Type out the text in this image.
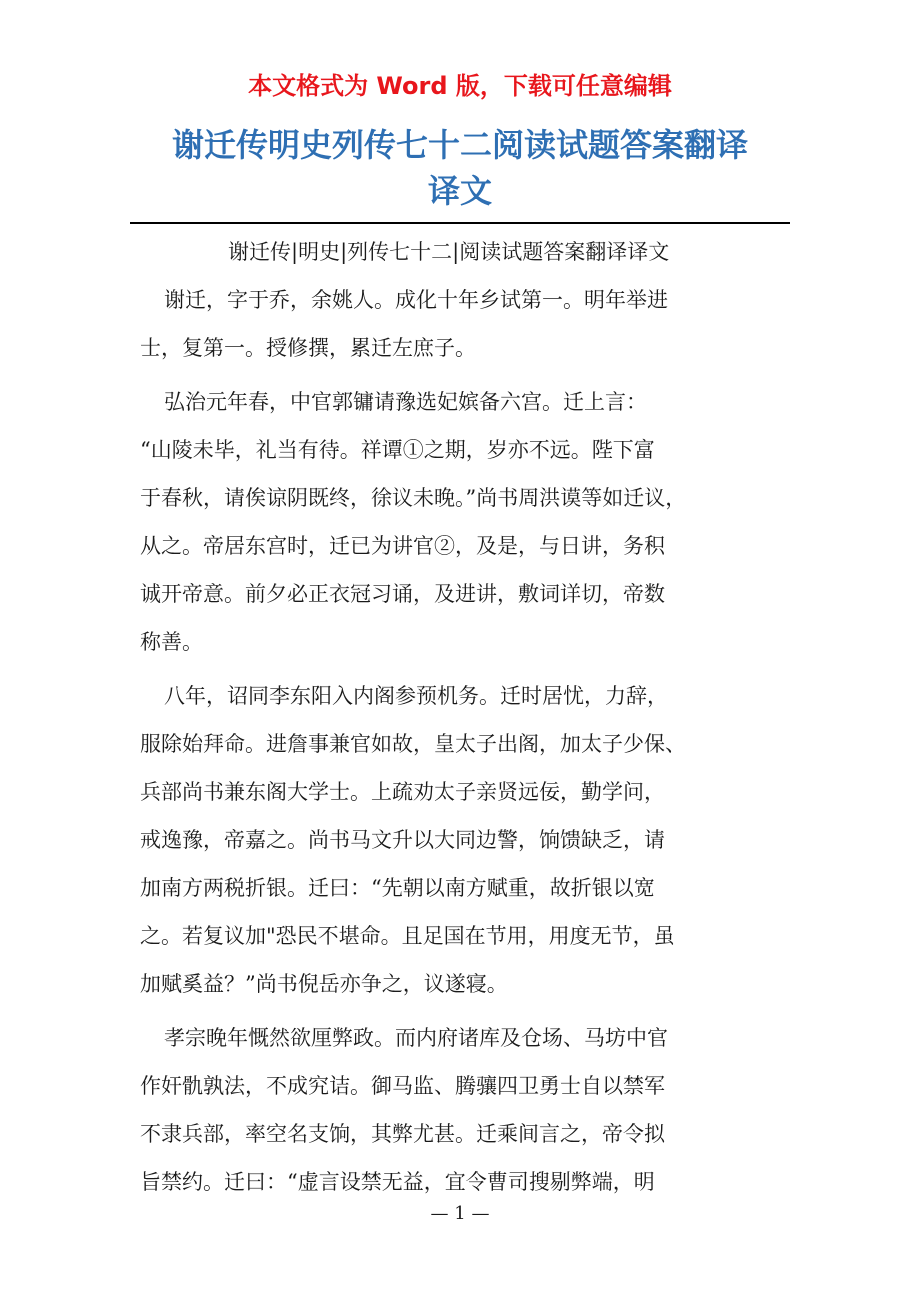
本文格式为 Word 版，下载可任意编辑
谢迁传明史列传七十二阅读试题答案翻译
译文
谢迁传|明史|列传七十二|阅读试题答案翻译译文

谢迁，字于乔，余姚人。成化十年乡试第一。明年举进
士，复第一。授修撰，累迁左庶子。

弘治元年春，中官郭镛请豫选妃嫔备六宫。迁上言：
“山陵未毕，礼当有待。祥谭①之期，岁亦不远。陛下富
于春秋，请俟谅阴既终，徐议未晚。”尚书周洪谟等如迁议，
从之。帝居东宫时，迁已为讲官②，及是，与日讲，务积
诚开帝意。前夕必正衣冠习诵，及进讲，敷词详切，帝数
称善。

八年，诏同李东阳入内阁参预机务。迁时居忧，力辞，
服除始拜命。进詹事兼官如故，皇太子出阁，加太子少保、
兵部尚书兼东阁大学士。上疏劝太子亲贤远佞，勤学问，
戒逸豫，帝嘉之。尚书马文升以大同边警，饷馈缺乏，请
加南方两税折银。迁曰：“先朝以南方赋重，故折银以宽
之。若复议加"恐民不堪命。且足国在节用，用度无节，虽
加赋奚益？”尚书倪岳亦争之，议遂寝。

孝宗晚年慨然欲厘弊政。而内府诸库及仓场、马坊中官
作奸骩孰法，不成究诘。御马监、腾骧四卫勇士自以禁军
不隶兵部，率空名支饷，其弊尤甚。迁乘间言之，帝令拟
旨禁约。迁曰：“虚言设禁无益，宜令曹司搜剔弊端，明

— 1 —
